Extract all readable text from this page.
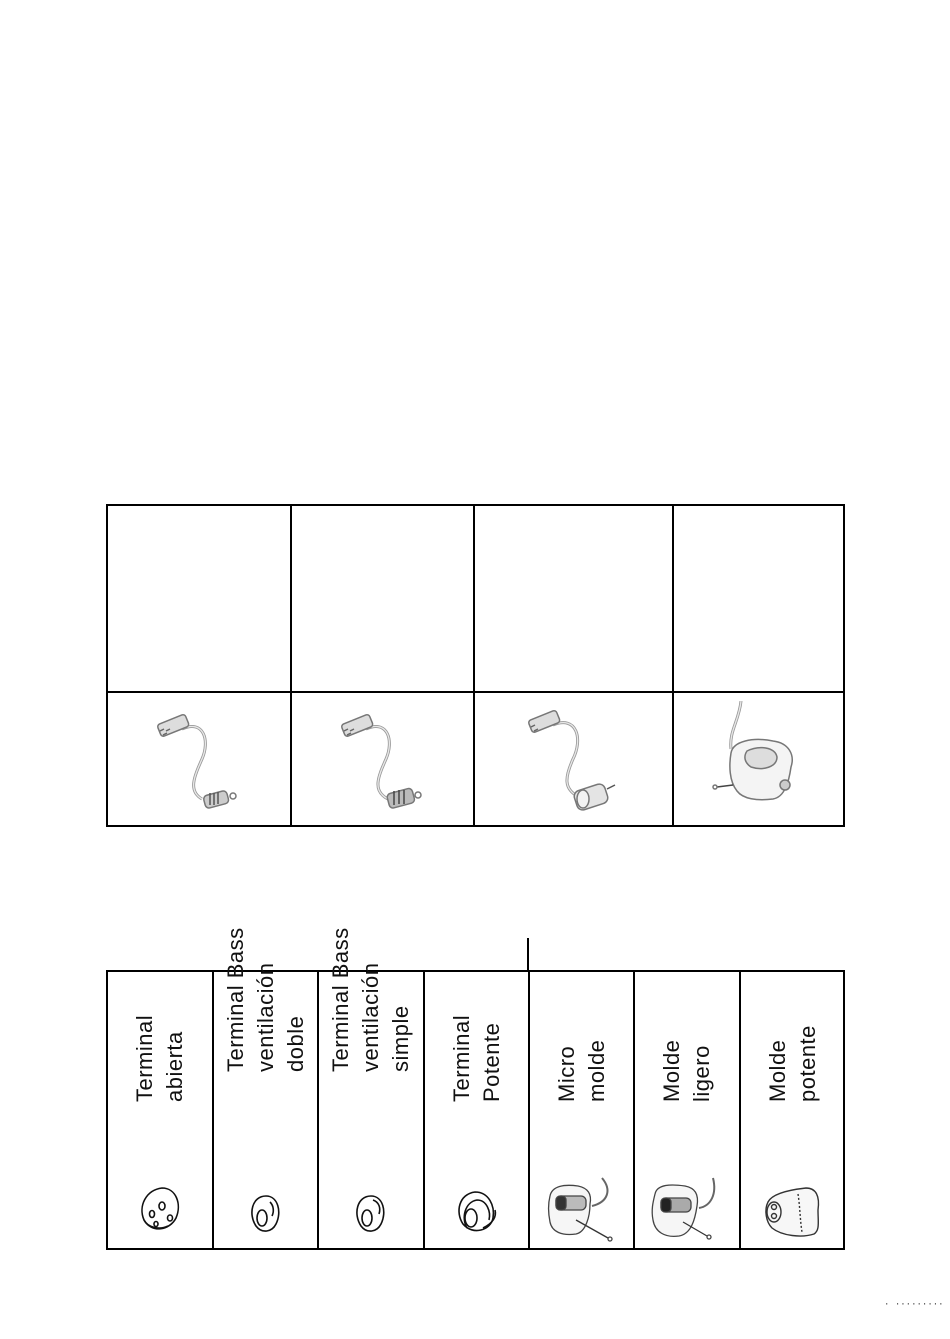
Terminal abierta Terminal Bass ventilación doble Terminal Bass ventilación simple Terminal Potente Micro molde Molde ligero Molde potente
· ·········
